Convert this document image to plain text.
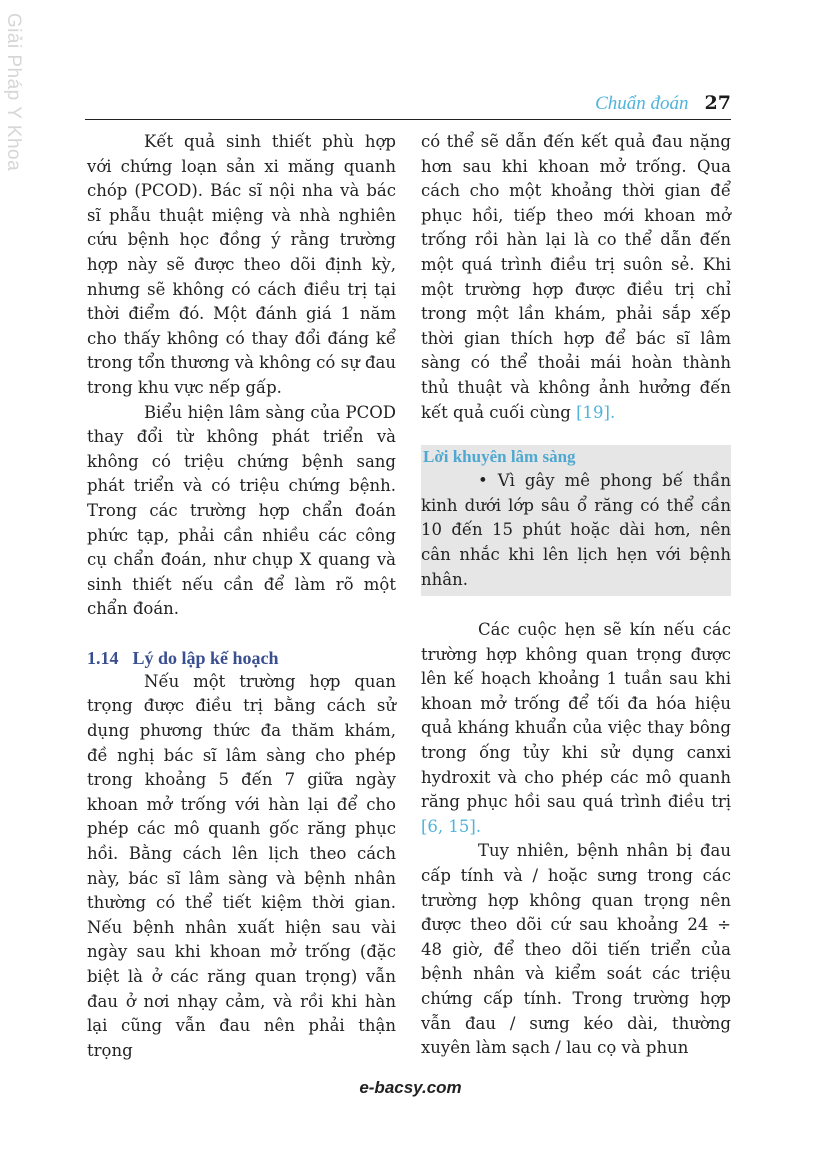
Giải Pháp Y Khoa	Chuẩn đoán 27

Kết quả sinh thiết phù hợp với chứng loạn sản xi măng quanh chóp (PCOD). Bác sĩ nội nha và bác sĩ phẫu thuật miệng và nhà nghiên cứu bệnh học đồng ý rằng trường hợp này sẽ được theo dõi định kỳ, nhưng sẽ không có cách điều trị tại thời điểm đó. Một đánh giá 1 năm cho thấy không có thay đổi đáng kể trong tổn thương và không có sự đau trong khu vực nếp gấp.

Biểu hiện lâm sàng của PCOD thay đổi từ không phát triển và không có triệu chứng bệnh sang phát triển và có triệu chứng bệnh. Trong các trường hợp chẩn đoán phức tạp, phải cần nhiều các công cụ chẩn đoán, như chụp X quang và sinh thiết nếu cần để làm rõ một chẩn đoán.

1.14 Lý do lập kế hoạch

Nếu một trường hợp quan trọng được điều trị bằng cách sử dụng phương thức đa thăm khám, đề nghị bác sĩ lâm sàng cho phép trong khoảng 5 đến 7 giữa ngày khoan mở trống với hàn lại để cho phép các mô quanh gốc răng phục hồi. Bằng cách lên lịch theo cách này, bác sĩ lâm sàng và bệnh nhân thường có thể tiết kiệm thời gian. Nếu bệnh nhân xuất hiện sau vài ngày sau khi khoan mở trống (đặc biệt là ở các răng quan trọng) vẫn đau ở nơi nhạy cảm, và rồi khi hàn lại cũng vẫn đau nên phải thận trọng

có thể sẽ dẫn đến kết quả đau nặng hơn sau khi khoan mở trống. Qua cách cho một khoảng thời gian để phục hồi, tiếp theo mới khoan mở trống rồi hàn lại là co thể dẫn đến một quá trình điều trị suôn sẻ. Khi một trường hợp được điều trị chỉ trong một lần khám, phải sắp xếp thời gian thích hợp để bác sĩ lâm sàng có thể thoải mái hoàn thành thủ thuật và không ảnh hưởng đến kết quả cuối cùng [19].

Lời khuyên lâm sàng

• Vì gây mê phong bế thần kinh dưới lớp sâu ổ răng có thể cần 10 đến 15 phút hoặc dài hơn, nên cân nhắc khi lên lịch hẹn với bệnh nhân.

Các cuộc hẹn sẽ kín nếu các trường hợp không quan trọng được lên kế hoạch khoảng 1 tuần sau khi khoan mở trống để tối đa hóa hiệu quả kháng khuẩn của việc thay bông trong ống tủy khi sử dụng canxi hydroxit và cho phép các mô quanh răng phục hồi sau quá trình điều trị [6, 15].

Tuy nhiên, bệnh nhân bị đau cấp tính và / hoặc sưng trong các trường hợp không quan trọng nên được theo dõi cứ sau khoảng 24 ÷ 48 giờ, để theo dõi tiến triển của bệnh nhân và kiểm soát các triệu chứng cấp tính. Trong trường hợp vẫn đau / sưng kéo dài, thường xuyên làm sạch / lau cọ và phun

e-bacsy.com
